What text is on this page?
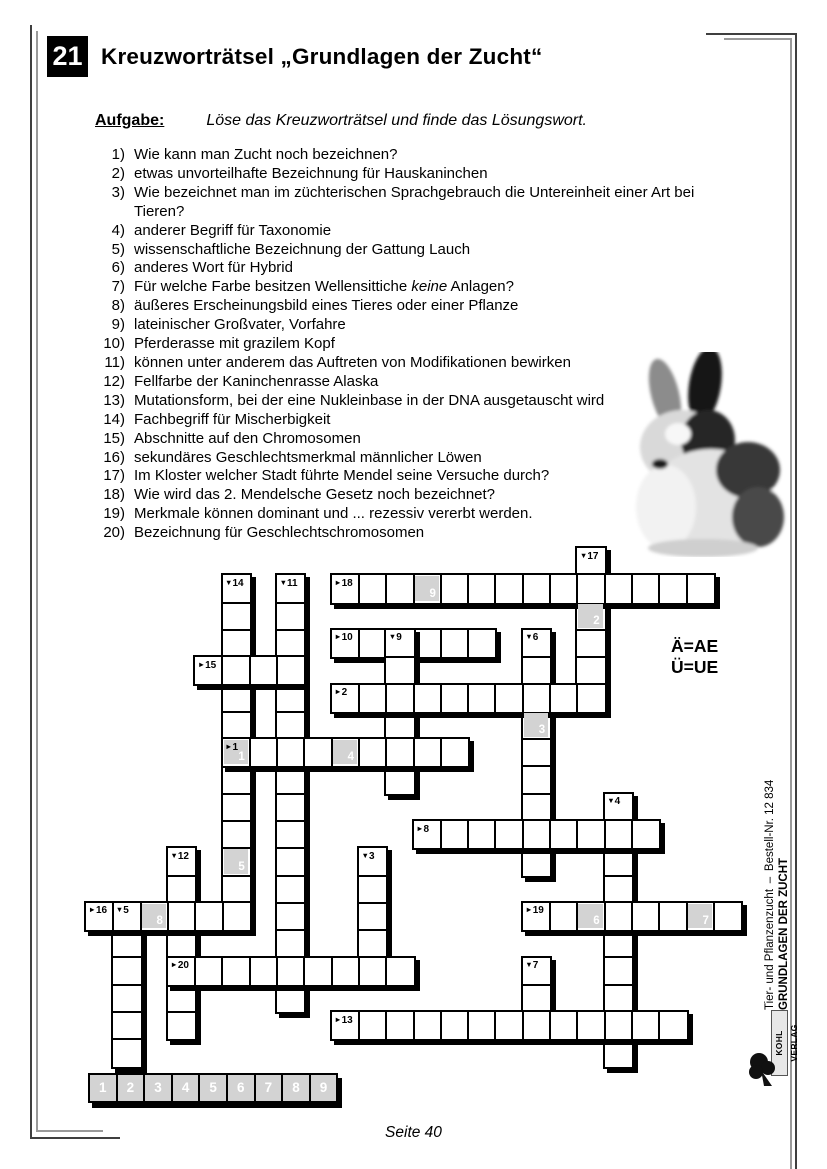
21 Kreuzworträtsel „Grundlagen der Zucht“
Aufgabe:	Löse das Kreuzworträtsel und finde das Lösungswort.
1) Wie kann man Zucht noch bezeichnen?
2) etwas unvorteilhafte Bezeichnung für Hauskaninchen
3) Wie bezeichnet man im züchterischen Sprachgebrauch die Untereinheit einer Art bei Tieren?
4) anderer Begriff für Taxonomie
5) wissenschaftliche Bezeichnung der Gattung Lauch
6) anderes Wort für Hybrid
7) Für welche Farbe besitzen Wellensittiche keine Anlagen?
8) äußeres Erscheinungsbild eines Tieres oder einer Pflanze
9) lateinischer Großvater, Vorfahre
10) Pferderasse mit grazilem Kopf
11) können unter anderem das Auftreten von Modifikationen bewirken
12) Fellfarbe der Kaninchenrasse Alaska
13) Mutationsform, bei der eine Nukleinbase in der DNA ausgetauscht wird
14) Fachbegriff für Mischerbigkeit
15) Abschnitte auf den Chromosomen
16) sekundäres Geschlechtsmerkmal männlicher Löwen
17) Im Kloster welcher Stadt führte Mendel seine Versuche durch?
18) Wie wird das 2. Mendelsche Gesetz noch bezeichnet?
19) Merkmale können dominant und ... rezessiv vererbt werden.
20) Bezeichnung für Geschlechtschromosomen
Ä=AE
Ü=UE
9
2
3
1	4
5
8	6	7
▼17
▼14	▼11	►18
►10	▼9	▼6
►15
►2
►1
▼4
►8
▼12	▼3
▼5
►16	►19
▼7
►20
►13
1	2	3	4	5	6	7	8	9
GRUNDLAGEN DER ZUCHT
Tier- und Pflanzenzucht – Bestell-Nr. 12 834
KOHL VERLAG
Seite 40
